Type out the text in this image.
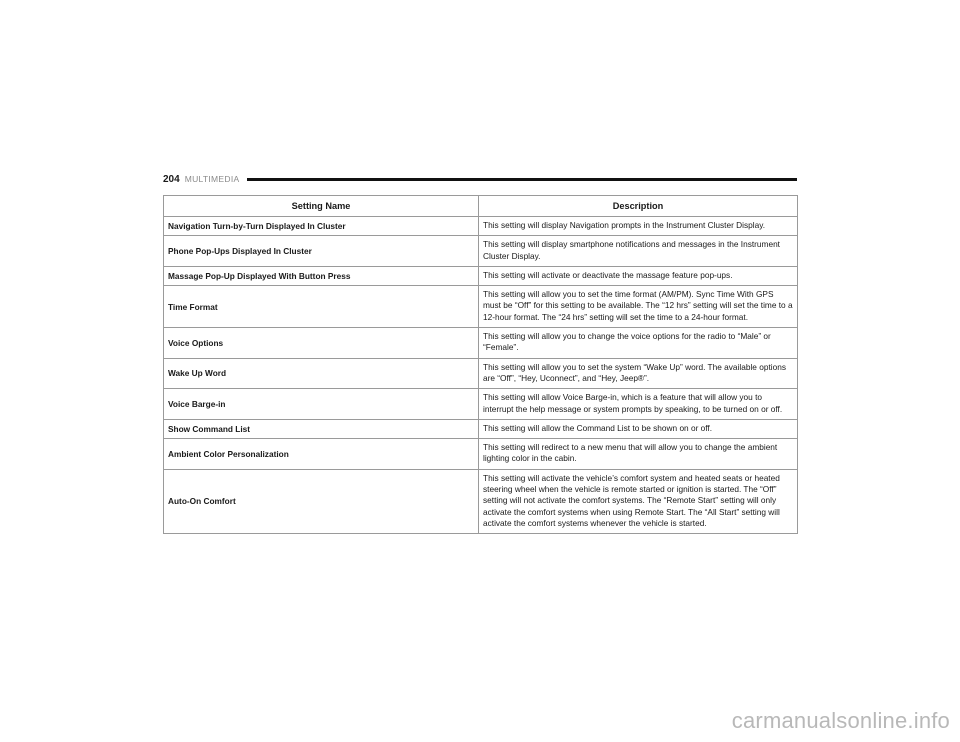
204 MULTIMEDIA
Setting Name	Description
Navigation Turn-by-Turn Displayed In Cluster	This setting will display Navigation prompts in the Instrument Cluster Display.
Phone Pop-Ups Displayed In Cluster	This setting will display smartphone notifications and messages in the Instrument Cluster Display.
Massage Pop-Up Displayed With Button Press	This setting will activate or deactivate the massage feature pop-ups.
Time Format	This setting will allow you to set the time format (AM/PM). Sync Time With GPS must be “Off” for this setting to be available. The “12 hrs” setting will set the time to a 12-hour format. The “24 hrs” setting will set the time to a 24-hour format.
Voice Options	This setting will allow you to change the voice options for the radio to “Male” or “Female”.
Wake Up Word	This setting will allow you to set the system “Wake Up” word. The available options are “Off”, “Hey, Uconnect”, and “Hey, Jeep®”.
Voice Barge-in	This setting will allow Voice Barge-in, which is a feature that will allow you to interrupt the help message or system prompts by speaking, to be turned on or off.
Show Command List	This setting will allow the Command List to be shown on or off.
Ambient Color Personalization	This setting will redirect to a new menu that will allow you to change the ambient lighting color in the cabin.
Auto-On Comfort	This setting will activate the vehicle’s comfort system and heated seats or heated steering wheel when the vehicle is remote started or ignition is started. The “Off” setting will not activate the comfort systems. The “Remote Start” setting will only activate the comfort systems when using Remote Start. The “All Start” setting will activate the comfort systems whenever the vehicle is started.
carmanualsonline.info
